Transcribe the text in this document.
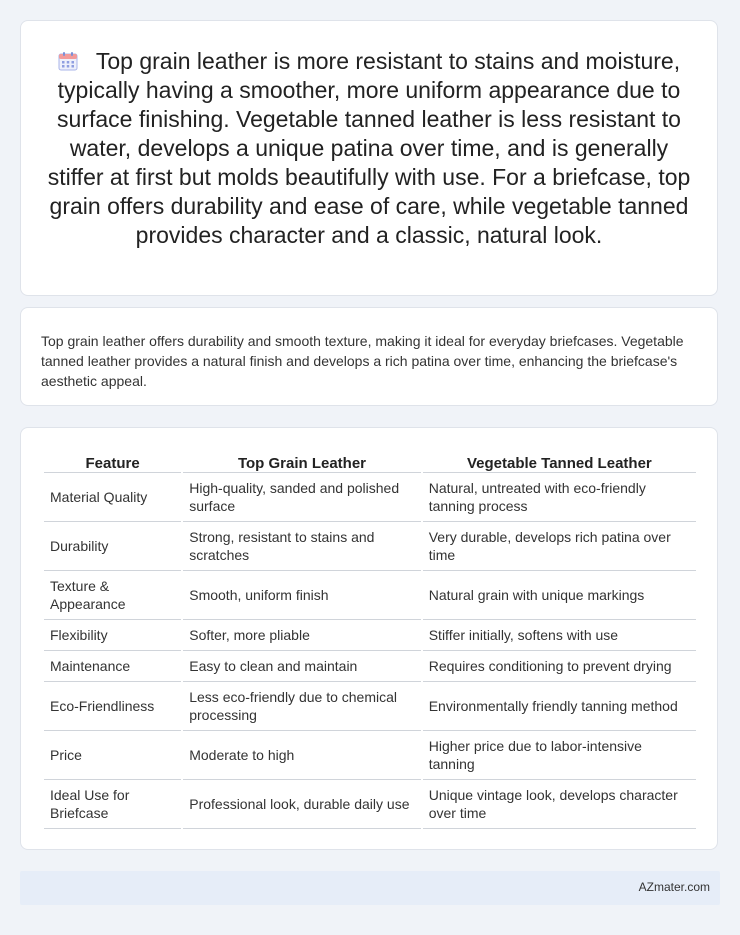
Top grain leather is more resistant to stains and moisture, typically having a smoother, more uniform appearance due to surface finishing. Vegetable tanned leather is less resistant to water, develops a unique patina over time, and is generally stiffer at first but molds beautifully with use. For a briefcase, top grain offers durability and ease of care, while vegetable tanned provides character and a classic, natural look.

Top grain leather offers durability and smooth texture, making it ideal for everyday briefcases. Vegetable tanned leather provides a natural finish and develops a rich patina over time, enhancing the briefcase's aesthetic appeal.

Feature	Top Grain Leather	Vegetable Tanned Leather
Material Quality	High-quality, sanded and polished surface	Natural, untreated with eco-friendly tanning process
Durability	Strong, resistant to stains and scratches	Very durable, develops rich patina over time
Texture & Appearance	Smooth, uniform finish	Natural grain with unique markings
Flexibility	Softer, more pliable	Stiffer initially, softens with use
Maintenance	Easy to clean and maintain	Requires conditioning to prevent drying
Eco-Friendliness	Less eco-friendly due to chemical processing	Environmentally friendly tanning method
Price	Moderate to high	Higher price due to labor-intensive tanning
Ideal Use for Briefcase	Professional look, durable daily use	Unique vintage look, develops character over time
AZmater.com
